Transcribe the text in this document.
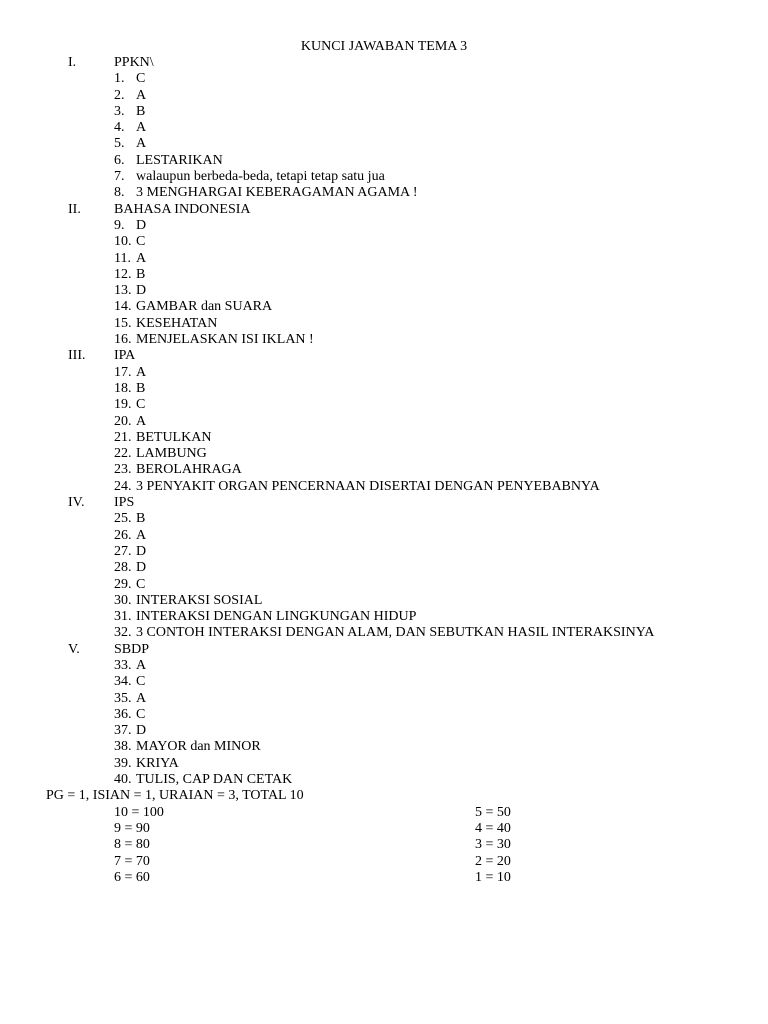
KUNCI JAWABAN TEMA 3
I.	PPKN\
1. C
2. A
3. B
4. A
5. A
6. LESTARIKAN
7. walaupun berbeda-beda, tetapi tetap satu jua
8. 3 MENGHARGAI KEBERAGAMAN AGAMA !
II. BAHASA INDONESIA
9. D
10. C
11. A
12. B
13. D
14. GAMBAR dan SUARA
15. KESEHATAN
16. MENJELASKAN ISI IKLAN !
III. IPA
17. A
18. B
19. C
20. A
21. BETULKAN
22. LAMBUNG
23. BEROLAHRAGA
24. 3 PENYAKIT ORGAN PENCERNAAN DISERTAI DENGAN PENYEBABNYA
IV. IPS
25. B
26. A
27. D
28. D
29. C
30. INTERAKSI SOSIAL
31. INTERAKSI DENGAN LINGKUNGAN HIDUP
32. 3 CONTOH INTERAKSI DENGAN ALAM, DAN SEBUTKAN HASIL INTERAKSINYA
V. SBDP
33. A
34. C
35. A
36. C
37. D
38. MAYOR dan MINOR
39. KRIYA
40. TULIS, CAP DAN CETAK
PG = 1, ISIAN = 1, URAIAN = 3, TOTAL 10
10 = 100	5 = 50
9 = 90	4 = 40
8 = 80	3 = 30
7 = 70	2 = 20
6 = 60	1 = 10
